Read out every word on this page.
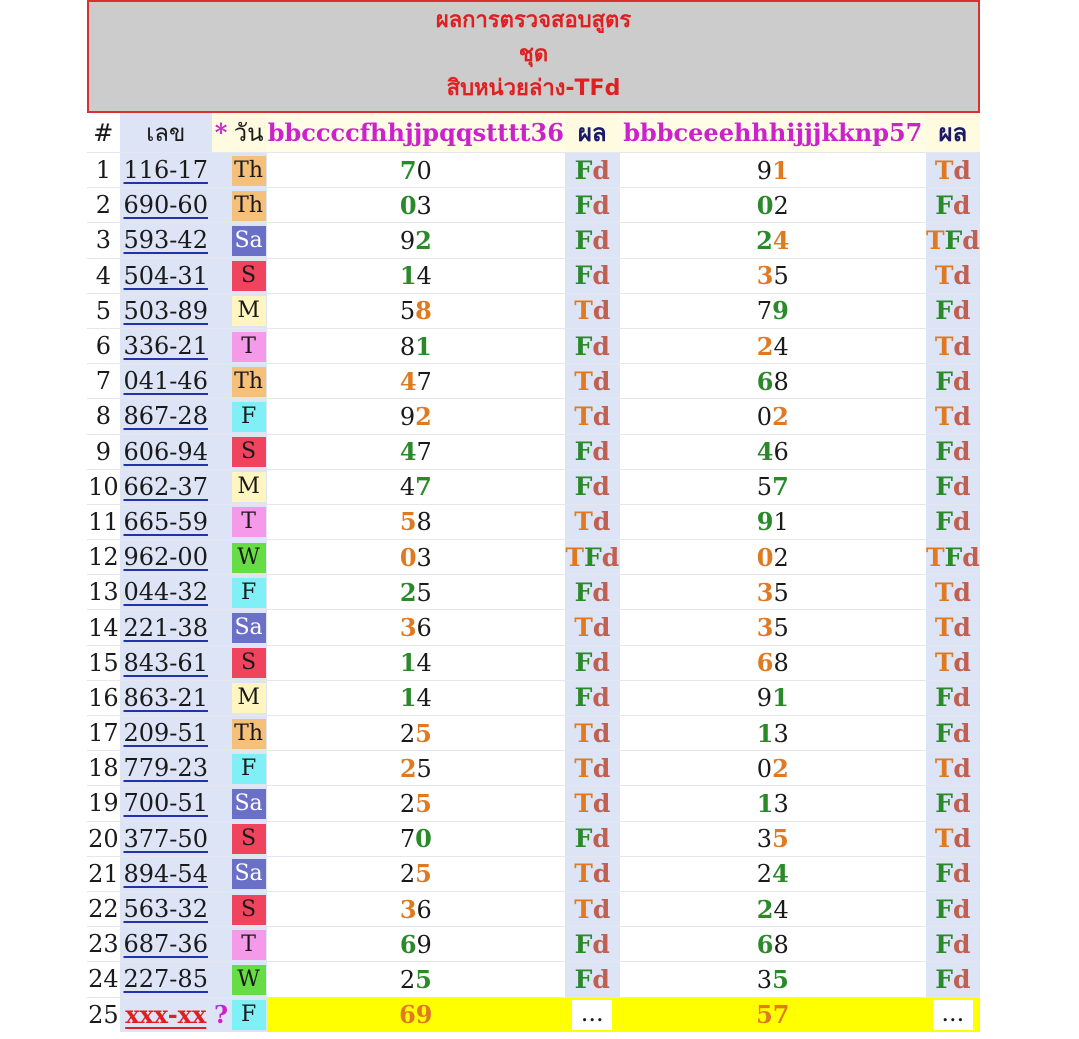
ผลการตรวจสอบสูตร
ชุด
สิบหน่วยล่าง-TFd
#	เลข	*	วัน	bbccccfhhjjpqqstttt36	ผล	bbbceeehhhijjjkknp57	ผล
1	116-17		Th	70	Fd	91	Td
2	690-60		Th	03	Fd	02	Fd
3	593-42		Sa	92	Fd	24	TFd
4	504-31		S	14	Fd	35	Td
5	503-89		M	58	Td	79	Fd
6	336-21		T	81	Fd	24	Td
7	041-46		Th	47	Td	68	Fd
8	867-28		F	92	Td	02	Td
9	606-94		S	47	Fd	46	Fd
10	662-37		M	47	Fd	57	Fd
11	665-59		T	58	Td	91	Fd
12	962-00		W	03	TFd	02	TFd
13	044-32		F	25	Fd	35	Td
14	221-38		Sa	36	Td	35	Td
15	843-61		S	14	Fd	68	Td
16	863-21		M	14	Fd	91	Fd
17	209-51		Th	25	Td	13	Fd
18	779-23		F	25	Td	02	Td
19	700-51		Sa	25	Td	13	Fd
20	377-50		S	70	Fd	35	Td
21	894-54		Sa	25	Td	24	Fd
22	563-32		S	36	Td	24	Fd
23	687-36		T	69	Fd	68	Fd
24	227-85		W	25	Fd	35	Fd
25	xxx-xx	?	F	69	...	57	...
